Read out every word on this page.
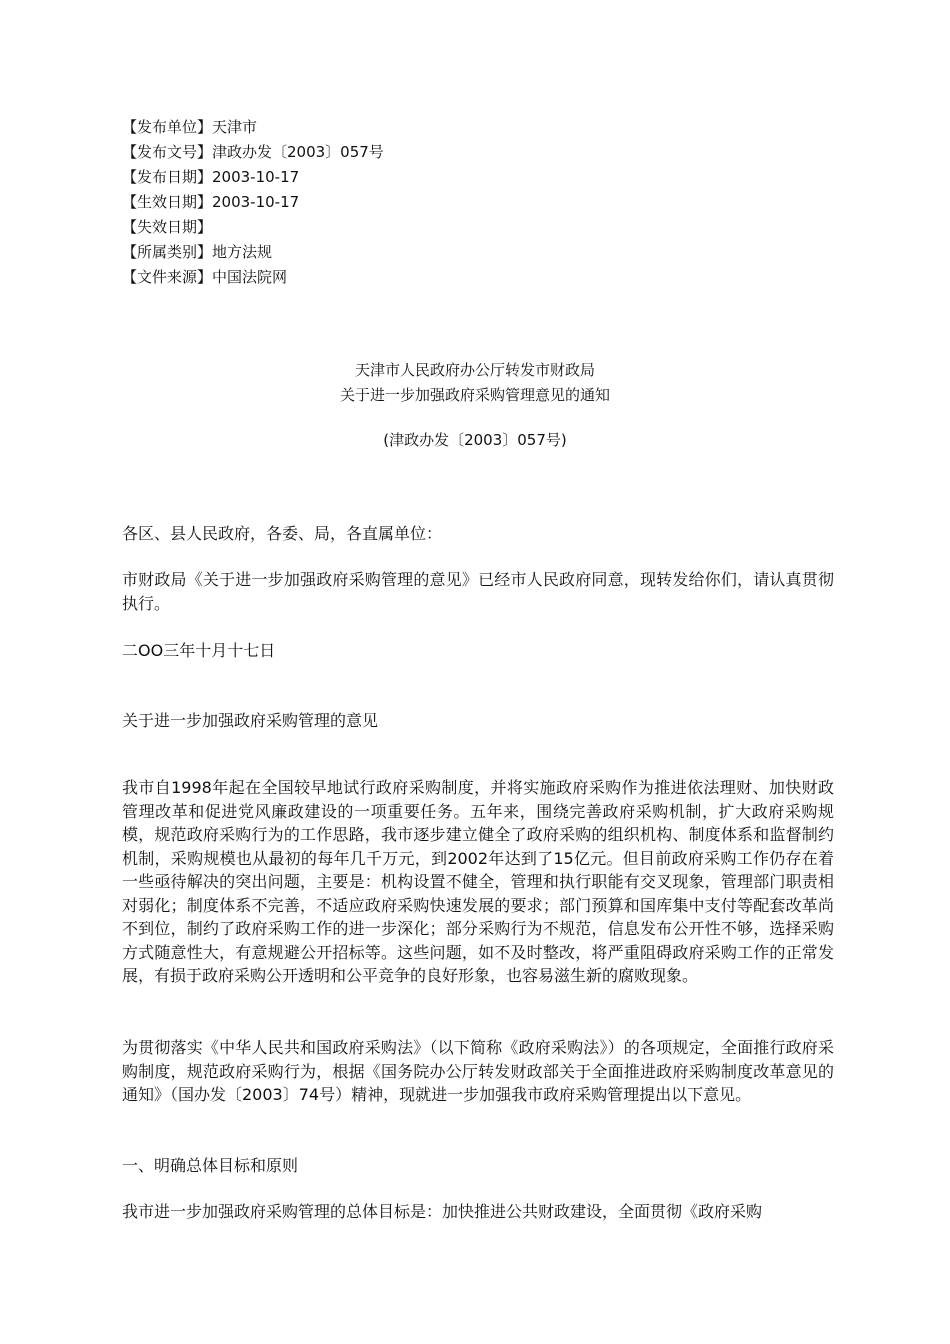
【发布单位】天津市
【发布文号】津政办发〔2003〕057号
【发布日期】2003-10-17
【生效日期】2003-10-17
【失效日期】
【所属类别】地方法规
【文件来源】中国法院网
天津市人民政府办公厅转发市财政局
关于进一步加强政府采购管理意见的通知
(津政办发〔2003〕057号)
各区、县人民政府，各委、局，各直属单位：
市财政局《关于进一步加强政府采购管理的意见》已经市人民政府同意，现转发给你们，请认真贯彻执行。
二OO三年十月十七日
关于进一步加强政府采购管理的意见
我市自1998年起在全国较早地试行政府采购制度，并将实施政府采购作为推进依法理财、加快财政管理改革和促进党风廉政建设的一项重要任务。五年来，围绕完善政府采购机制，扩大政府采购规模，规范政府采购行为的工作思路，我市逐步建立健全了政府采购的组织机构、制度体系和监督制约机制，采购规模也从最初的每年几千万元，到2002年达到了15亿元。但目前政府采购工作仍存在着一些亟待解决的突出问题，主要是：机构设置不健全，管理和执行职能有交叉现象，管理部门职责相对弱化；制度体系不完善，不适应政府采购快速发展的要求；部门预算和国库集中支付等配套改革尚不到位，制约了政府采购工作的进一步深化；部分采购行为不规范，信息发布公开性不够，选择采购方式随意性大，有意规避公开招标等。这些问题，如不及时整改，将严重阻碍政府采购工作的正常发展，有损于政府采购公开透明和公平竞争的良好形象，也容易滋生新的腐败现象。
为贯彻落实《中华人民共和国政府采购法》（以下简称《政府采购法》）的各项规定，全面推行政府采购制度，规范政府采购行为，根据《国务院办公厅转发财政部关于全面推进政府采购制度改革意见的通知》（国办发〔2003〕74号）精神，现就进一步加强我市政府采购管理提出以下意见。
一、明确总体目标和原则
我市进一步加强政府采购管理的总体目标是：加快推进公共财政建设，全面贯彻《政府采购
